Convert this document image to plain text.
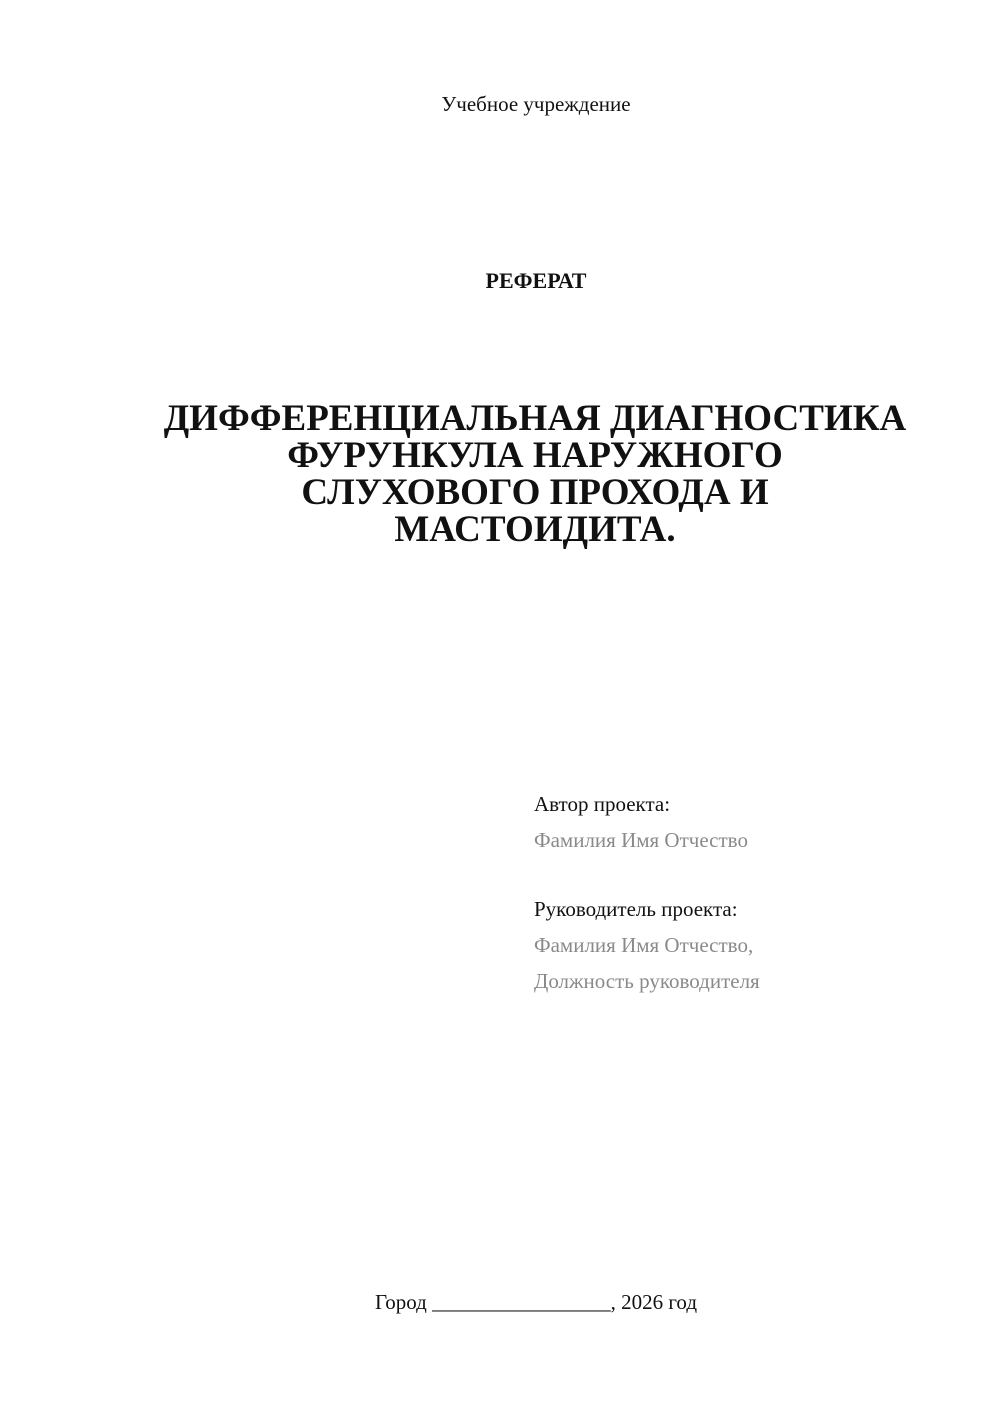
Учебное учреждение
РЕФЕРАТ
ДИФФЕРЕНЦИАЛЬНАЯ ДИАГНОСТИКА
ФУРУНКУЛА НАРУЖНОГО
СЛУХОВОГО ПРОХОДА И
МАСТОИДИТА.
Автор проекта:
Фамилия Имя Отчество
Руководитель проекта:
Фамилия Имя Отчество,
Должность руководителя
Город _________________, 2026 год
